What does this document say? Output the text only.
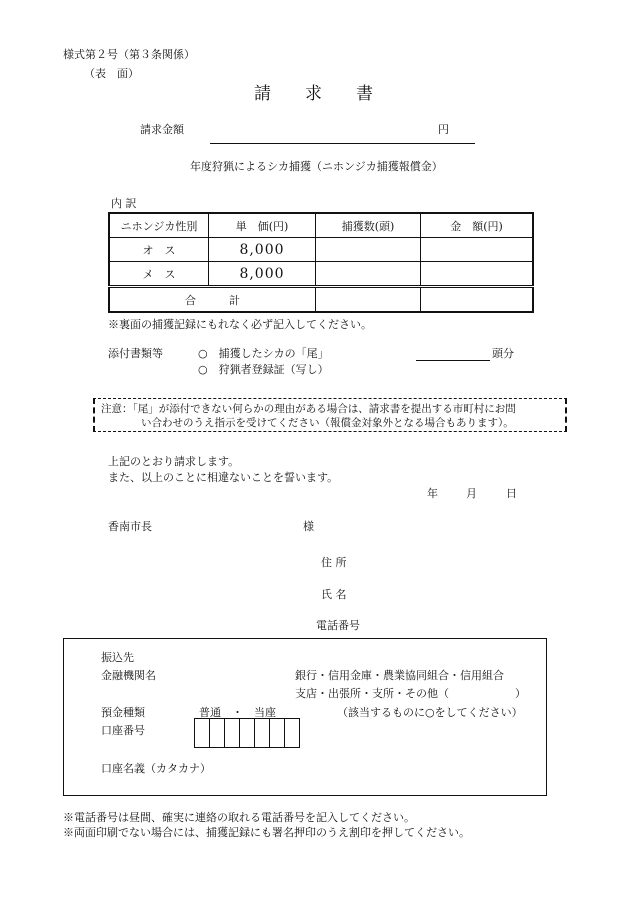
様式第２号（第３条関係）
（表　面）
請　　求　　書
請求金額	円
年度狩猟によるシカ捕獲（ニホンジカ捕獲報償金）
内 訳
ニホンジカ性別	単　価(円)	捕獲数(頭)	金　額(円)
オ　ス	8,000		
メ　ス	8,000		
合　　　計			
※裏面の捕獲記録にもれなく必ず記入してください。
添付書類等	○　捕獲したシカの「尾」
○　狩猟者登録証（写し）
頭分
注意：「尾」が添付できない何らかの理由がある場合は、請求書を提出する市町村にお問
い合わせのうえ指示を受けてください（報償金対象外となる場合もあります）。
上記のとおり請求します。
また、以上のことに相違ないことを誓います。
年	月	日
香南市長	様
住 所
氏 名
電話番号
振込先
金融機関名	銀行・信用金庫・農業協同組合・信用組合
支店・出張所・支所・その他（　　　　　　）
預金種類	普通　・　当座	（該当するものに○をしてください）
口座番号
口座名義（カタカナ）
※電話番号は昼間、確実に連絡の取れる電話番号を記入してください。
※両面印刷でない場合には、捕獲記録にも署名押印のうえ割印を押してください。
